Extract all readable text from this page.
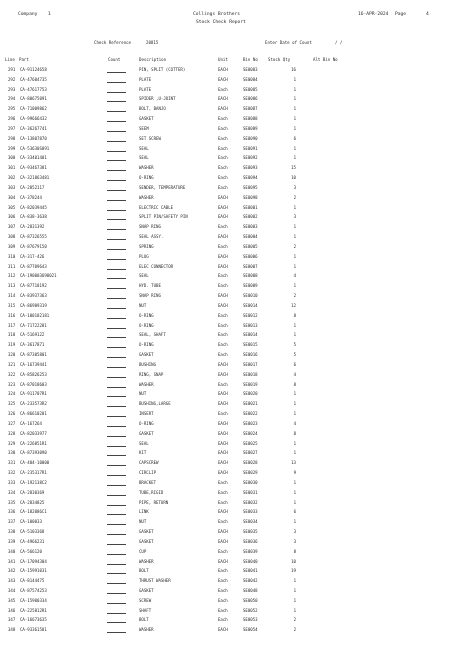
Company 1	Collings Brothers
Stock Check Report
16-APR-2024 Page	4
Check Reference	20815	Enter Date of Count	/ /
Line Part	Count	Description	Unit	Bin No Stock Qty	Alt Bin No
291 CA-91124658	PIN, SPLIT (COTTER)	EACH	SE0083	16
292 CA-47604735	PLATE	EACH	SE0084	1
293 CA-47617753	PLATE	Each	SE0085	1
294 CA-80675091	SPIDER ,U-JOINT	EACH	SE0086	1
295 CA-71009862	BOLT, BANJO	EACH	SE0087	1
296 CA-99666432	GASKET	Each	SE0088	1
297 CA-36267741	SEEM	Each	SE0089	1
298 CA-13807870	SET SCREW	Each	SE0090	6
299 CA-53630S891	SEAL	Each	SE0091	1
300 CA-33401401	SEAL	Each	SE0092	1
301 CA-93467381	WASHER	Each	SE0093	15
302 CA-321863481	O-RING	Each	SE0094	10
303 CA-2852117	SENDER, TEMPERATURE	Each	SE0095	3
304 CA-378244	WASHER	EACH	SE0098	2
305 CA-82039445	ELECTRIC CABLE	EACH	SE0001	1
306 CA-838-3638	SPLIT PIN/SAFETY PIN	EACH	SE0002	3
307 CA-2831392	SNAP RING	Each	SE0003	1
308 CA-87326555	SEAL ASSY.	EACH	SE0004	1
309 CA-87679150	SPRING	Each	SE0005	2
310 CA-317-426	PLUG	EACH	SE0006	1
311 CA-87709643	ELEC CONNECTOR	EACH	SE0007	1
312 CA-190003698021	SEAL	Each	SE0008	4
313 CA-87718192	HYD. TUBE	Each	SE0009	1
314 CA-83937363	SNAP RING	EACH	SE0010	2
315 CA-86909319	NUT	EACH	SE0014	12
316 CA-100182181	O-RING	Each	SE0012	8
317 CA-71722281	O-RING	Each	SE0013	1
318 CA-5169122	SEAL, SHAFT	Each	SE0014	1
319 CA-3617871	O-RING	Each	SE0015	5
320 CA-87305801	GASKET	Each	SE0016	5
321 CA-16739441	BUSHING	EACH	SE0017	6
322 CA-85826253	RING, SNAP	EACH	SE0018	4
323 CA-87018603	WASHER	Each	SE0019	8
324 CA-911707R1	NUT	EACH	SE0020	1
325 CA-233573R2	BUSHING,LARGE	EACH	SE0021	1
326 CA-86610201	INSERT	Each	SE0022	1
327 CA-167264	O-RING	EACH	SE0023	4
328 CA-82033977	GASKET	EACH	SE0024	8
329 CA-226851R1	SEAL	EACH	SE0025	1
330 CA-87393090	KIT	EACH	SE0027	1
331 CA-404-10000	CAPSCREW	EACH	SE0028	13
332 CA-235317R1	CIRCLIP	EACH	SE0029	9
333 CA-192138C2	BRACKET	Each	SE0030	1
334 CA-2830369	TUBE,RIGID	Each	SE0031	1
335 CA-2834825	PIPE, RETURN	Each	SE0032	1
336 CA-182086C1	LINK	EACH	SE0033	6
337 CA-100033	NUT	Each	SE0034	1
338 CA-5103368	GASKET	EACH	SE0035	3
339 CA-4966231	GASKET	EACH	SE0036	3
340 CA-566120	CUP	Each	SE0039	8
341 CA-17094304	WASHER	EACH	SE0040	10
342 CA-15991031	BOLT	Each	SE0041	19
343 CA-8144475	THRUST WASHER	Each	SE0042	1
344 CA-87574253	GASKET	Each	SE0048	1
345 CA-15900334	SCREW	Each	SE0050	1
346 CA-225812R1	SHAFT	Each	SE0052	1
347 CA-16673635	BOLT	Each	SE0053	2
348 CA-93361581	WASHER	EACH	SE0054	2
